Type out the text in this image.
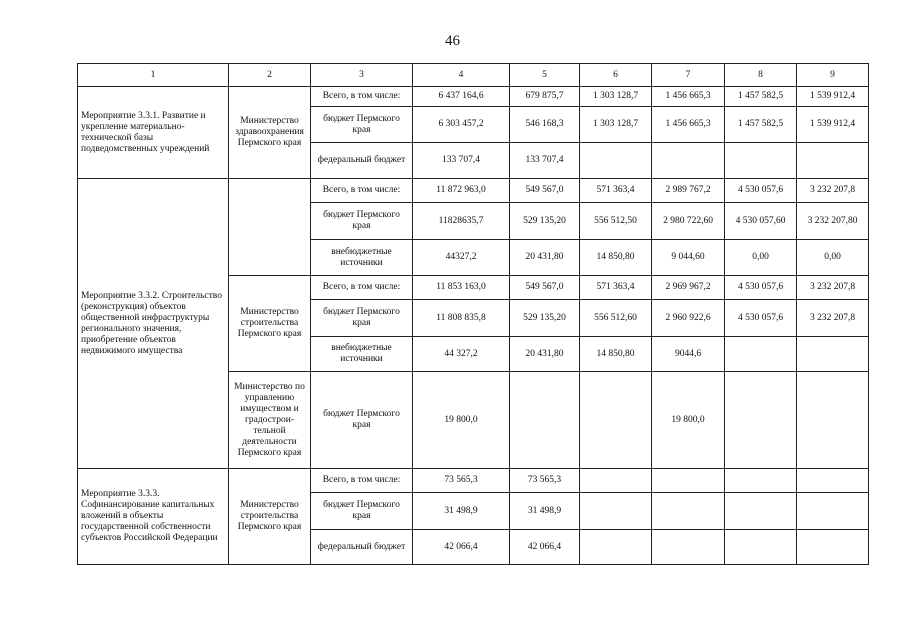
46
1	2	3	4	5	6	7	8	9
Мероприятие 3.3.1. Развитие и укрепление материально-технической базы подведомственных учреждений	Министерство здравоохранения Пермского края	Всего, в том числе:	6 437 164,6	679 875,7	1 303 128,7	1 456 665,3	1 457 582,5	1 539 912,4
		бюджет Пермского края	6 303 457,2	546 168,3	1 303 128,7	1 456 665,3	1 457 582,5	1 539 912,4
		федеральный бюджет	133 707,4	133 707,4				
Мероприятие 3.3.2. Строительство (реконструкция) объектов общественной инфраструктуры регионального значения, приобретение объектов недвижимого имущества		Всего, в том числе:	11 872 963,0	549 567,0	571 363,4	2 989 767,2	4 530 057,6	3 232 207,8
		бюджет Пермского края	11828635,7	529 135,20	556 512,50	2 980 722,60	4 530 057,60	3 232 207,80
		внебюджетные источники	44327,2	20 431,80	14 850,80	9 044,60	0,00	0,00
	Министерство строительства Пермского края	Всего, в том числе:	11 853 163,0	549 567,0	571 363,4	2 969 967,2	4 530 057,6	3 232 207,8
		бюджет Пермского края	11 808 835,8	529 135,20	556 512,60	2 960 922,6	4 530 057,6	3 232 207,8
		внебюджетные источники	44 327,2	20 431,80	14 850,80	9044,6		
	Министерство по управлению имуществом и градострои-тельной деятельности Пермского края	бюджет Пермского края	19 800,0			19 800,0		
Мероприятие 3.3.3. Софинансирование капитальных вложений в объекты государственной собственности субъектов Российской Федерации	Министерство строительства Пермского края	Всего, в том числе:	73 565,3	73 565,3				
		бюджет Пермского края	31 498,9	31 498,9				
		федеральный бюджет	42 066,4	42 066,4				
